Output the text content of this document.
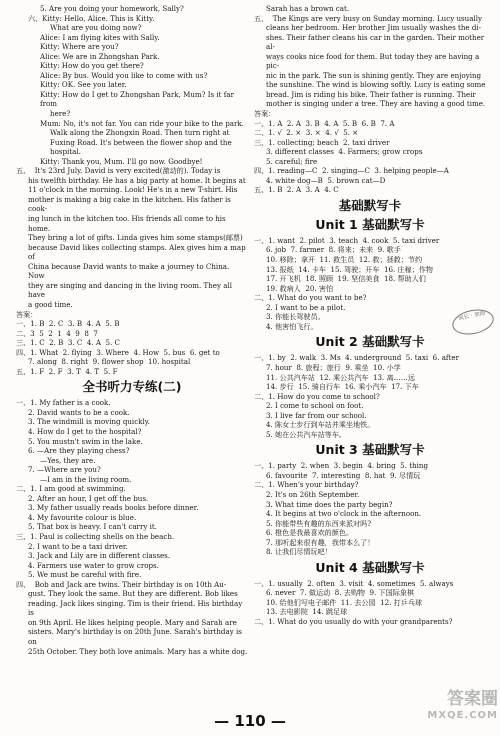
5. Are you doing your homework, Sally?
六、Kitty: Hello, Alice. This is Kitty.
What are you doing now?
Alice: I am flying kites with Sally.
Kitty: Where are you?
Alice: We are in Zhongshan Park.
Kitty: How do you get there?
Alice: By bus. Would you like to come with us?
Kitty: OK. See you later.
Kitty: How do I get to Zhongshan Park, Mum? Is it far from
here?
Mum: No, it's not far. You can ride your bike to the park.
Walk along the Zhongxin Road. Then turn right at
Fuxing Road. It's between the flower shop and the
hospital.
Kitty: Thank you, Mum. I'll go now. Goodbye!
五、  It's 23rd July. David is very excited(激动的). Today is
his twelfth birthday. He has a big party at home. It begins at
11 o'clock in the morning. Look! He's in a new T-shirt. His
mother is making a big cake in the kitchen. His father is cook-
ing lunch in the kitchen too. His friends all come to his home.
They bring a lot of gifts. Linda gives him some stamps(邮票)
because David likes collecting stamps. Alex gives him a map of
China because David wants to make a journey to China. Now
they are singing and dancing in the living room. They all have
a good time.
答案：
一、1. B  2. C  3. B  4. A  5. B
二、3  5  2  1  4  9  8  7
三、1. C  2. B  3. C  4. A  5. C
四、1. What  2. flying  3. Where  4. How  5. bus  6. get to
7. along  8. right  9. flower shop  10. hospital
五、1. F  2. F  3. T  4. T  5. F
全书听力专练(二)
一、1. My father is a cook.
2. David wants to be a cook.
3. The windmill is moving quickly.
4. How do I get to the hospital?
5. You mustn't swim in the lake.
6. —Are they playing chess?
—Yes, they are.
7. —Where are you?
—I am in the living room.
二、1. I am good at swimming.
2. After an hour, I get off the bus.
3. My father usually reads books before dinner.
4. My favourite colour is blue.
5. That box is heavy. I can't carry it.
三、1. Paul is collecting shells on the beach.
2. I want to be a taxi driver.
3. Jack and Lily are in different classes.
4. Farmers use water to grow crops.
5. We must be careful with fire.
四、  Bob and Jack are twins. Their birthday is on 10th Au-
gust. They look the same. But they are different. Bob likes
reading. Jack likes singing. Tim is their friend. His birthday is
on 9th April. He likes helping people. Mary and Sarah are
sisters. Mary's birthday is on 20th June. Sarah's birthday is on
25th October. They both love animals. Mary has a white dog.
Sarah has a brown cat.
五、  The Kings are very busy on Sunday morning. Lucy usually
cleans her bedroom. Her brother Jim usually washes the di-
shes. Their father cleans his car in the garden. Their mother al-
ways cooks nice food for them. But today they are having a pic-
nic in the park. The sun is shining gently. They are enjoying
the sunshine. The wind is blowing softly. Lucy is eating some
bread. Jim is riding his bike. Their father is running. Their
mother is singing under a tree. They are having a good time.
答案：
一、1. A  2. A  3. B  4. A  5. B  6. B  7. A
二、1. √  2. ×  3. ×  4. √  5. ×
三、1. collecting; beach  2. taxi driver
3. different classes  4. Farmers; grow crops
5. careful; fire
四、1. reading—C  2. singing—C  3. helping people—A
4. white dog—B  5. brown cat—D
五、1. B  2. A  3. A  4. C
基础默写卡
Unit 1 基础默写卡
一、1. want  2. pilot  3. teach  4. cook  5. taxi driver
6. job  7. farmer  8. 将来；未来  9. 歌手
10. 移除；拿开  11. 救生员  12. 救；拯救；节约
13. 报纸  14. 卡车  15. 驾驶；开车  16. 庄稼；作物
17. 开飞机  18. 照顾  19. 坚信美食  18. 帮助人们
19. 救病人  20. 害怕
二、1. What do you want to be?
2. I want to be a pilot.
3. 你能长驾驶员。
4. 他害怕飞行。
Unit 2 基础默写卡
一、1. by  2. walk  3. Ms  4. underground  5. taxi  6. after
7. hour  8. 旅程；旅行  9. 乘坐  10. 小学
11. 公共汽车站  12. 乘公共汽车  13. 离……远
14. 步行  15. 骑自行车  16. 乘小汽车  17. 下车
二、1. How do you come to school?
2. I come to school on foot.
3. I live far from our school.
4. 陈女士步行到车站并乘坐地铁。
5. 她在公共汽车站等车。
Unit 3 基础默写卡
一、1. party  2. when  3. begin  4. bring  5. thing
6. favourite  7. interesting  8. hat  9. 尽情玩
二、1. When's your birthday?
2. It's on 26th September.
3. What time does the party begin?
4. It begins at two o'clock in the afternoon.
5. 你能带些有趣的东西来派对吗?
6. 橙色是我最喜欢的颜色。
7. 那听起来很有趣，我带本么了！
8. 让我们尽情玩吧！
Unit 4 基础默写卡
一、1. usually  2. often  3. visit  4. sometimes  5. always
6. never  7. 做运动  8. 去购物  9. 下国际象棋
10. 给他们写电子邮件  11. 去公园  12. 打乒乓球
13. 去电影院  14. 跳足球
二、1. What do you usually do with your grandparents?
成长 · 加油
— 110 —
答案圈
MXQE.COM
